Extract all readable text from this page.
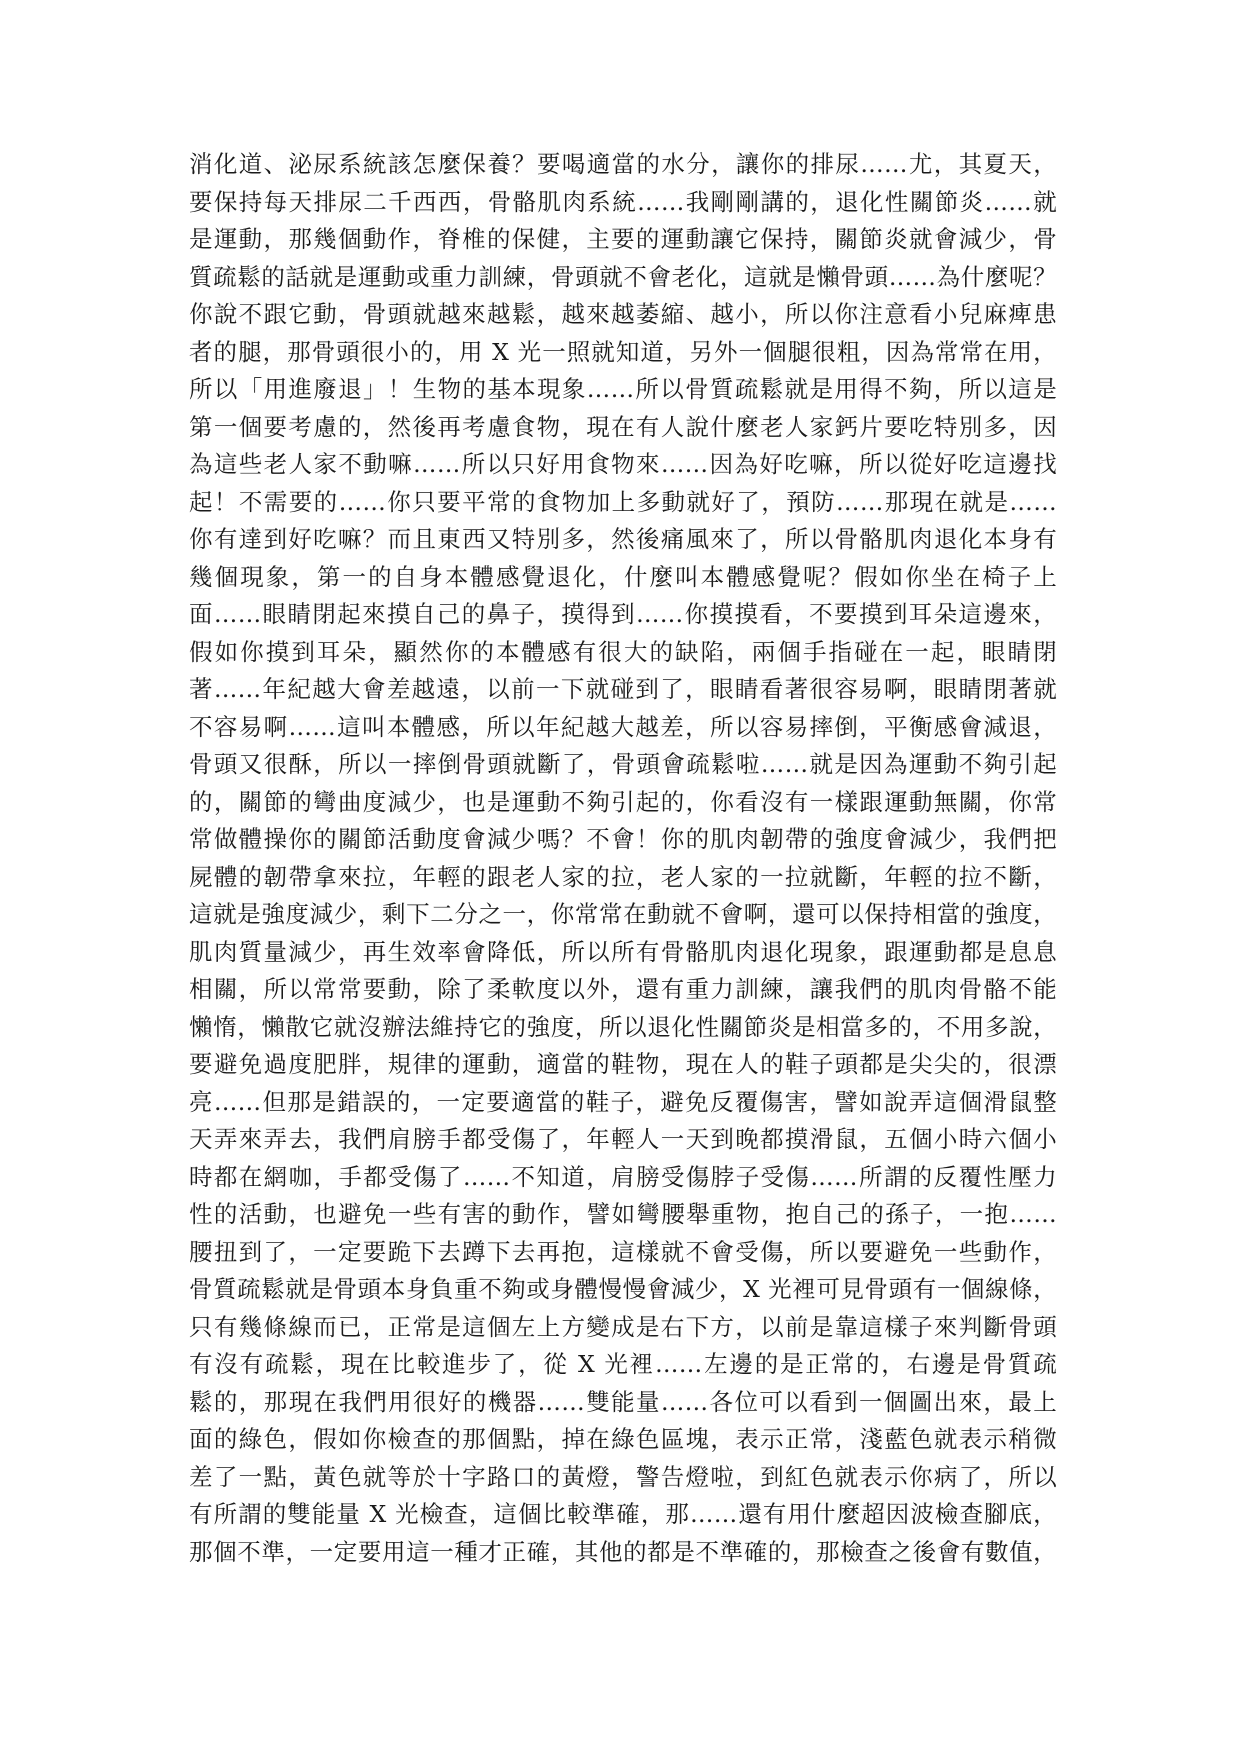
消化道、泌尿系統該怎麼保養？要喝適當的水分，讓你的排尿……尤，其夏天，
要保持每天排尿二千西西，骨骼肌肉系統……我剛剛講的，退化性關節炎……就
是運動，那幾個動作，脊椎的保健，主要的運動讓它保持，關節炎就會減少，骨
質疏鬆的話就是運動或重力訓練，骨頭就不會老化，這就是懶骨頭……為什麼呢？
你說不跟它動，骨頭就越來越鬆，越來越萎縮、越小，所以你注意看小兒麻痺患
者的腿，那骨頭很小的，用 X 光一照就知道，另外一個腿很粗，因為常常在用，
所以「用進廢退」！生物的基本現象……所以骨質疏鬆就是用得不夠，所以這是
第一個要考慮的，然後再考慮食物，現在有人說什麼老人家鈣片要吃特別多，因
為這些老人家不動嘛……所以只好用食物來……因為好吃嘛，所以從好吃這邊找
起！不需要的……你只要平常的食物加上多動就好了，預防……那現在就是……
你有達到好吃嘛？而且東西又特別多，然後痛風來了，所以骨骼肌肉退化本身有
幾個現象，第一的自身本體感覺退化，什麼叫本體感覺呢？假如你坐在椅子上
面……眼睛閉起來摸自己的鼻子，摸得到……你摸摸看，不要摸到耳朵這邊來，
假如你摸到耳朵，顯然你的本體感有很大的缺陷，兩個手指碰在一起，眼睛閉
著……年紀越大會差越遠，以前一下就碰到了，眼睛看著很容易啊，眼睛閉著就
不容易啊……這叫本體感，所以年紀越大越差，所以容易摔倒，平衡感會減退，
骨頭又很酥，所以一摔倒骨頭就斷了，骨頭會疏鬆啦……就是因為運動不夠引起
的，關節的彎曲度減少，也是運動不夠引起的，你看沒有一樣跟運動無關，你常
常做體操你的關節活動度會減少嗎？不會！你的肌肉韌帶的強度會減少，我們把
屍體的韌帶拿來拉，年輕的跟老人家的拉，老人家的一拉就斷，年輕的拉不斷，
這就是強度減少，剩下二分之一，你常常在動就不會啊，還可以保持相當的強度，
肌肉質量減少，再生效率會降低，所以所有骨骼肌肉退化現象，跟運動都是息息
相關，所以常常要動，除了柔軟度以外，還有重力訓練，讓我們的肌肉骨骼不能
懶惰，懶散它就沒辦法維持它的強度，所以退化性關節炎是相當多的，不用多說，
要避免過度肥胖，規律的運動，適當的鞋物，現在人的鞋子頭都是尖尖的，很漂
亮……但那是錯誤的，一定要適當的鞋子，避免反覆傷害，譬如說弄這個滑鼠整
天弄來弄去，我們肩膀手都受傷了，年輕人一天到晚都摸滑鼠，五個小時六個小
時都在網咖，手都受傷了……不知道，肩膀受傷脖子受傷……所謂的反覆性壓力
性的活動，也避免一些有害的動作，譬如彎腰舉重物，抱自己的孫子，一抱……
腰扭到了，一定要跪下去蹲下去再抱，這樣就不會受傷，所以要避免一些動作，
骨質疏鬆就是骨頭本身負重不夠或身體慢慢會減少，X 光裡可見骨頭有一個線條，
只有幾條線而已，正常是這個左上方變成是右下方，以前是靠這樣子來判斷骨頭
有沒有疏鬆，現在比較進步了，從 X 光裡……左邊的是正常的，右邊是骨質疏
鬆的，那現在我們用很好的機器……雙能量……各位可以看到一個圖出來，最上
面的綠色，假如你檢查的那個點，掉在綠色區塊，表示正常，淺藍色就表示稍微
差了一點，黃色就等於十字路口的黃燈，警告燈啦，到紅色就表示你病了，所以
有所謂的雙能量 X 光檢查，這個比較準確，那……還有用什麼超因波檢查腳底，
那個不準，一定要用這一種才正確，其他的都是不準確的，那檢查之後會有數值，
